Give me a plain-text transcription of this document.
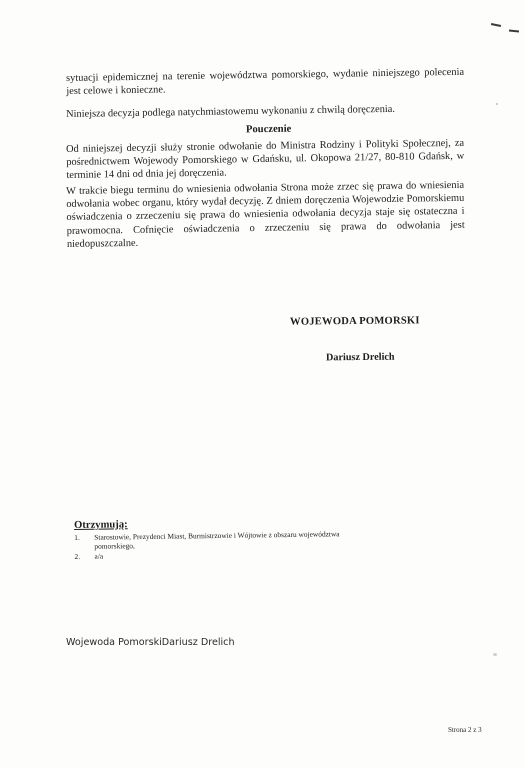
sytuacji epidemicznej na terenie województwa pomorskiego, wydanie niniejszego polecenia jest celowe i konieczne.

Niniejsza decyzja podlega natychmiastowemu wykonaniu z chwilą doręczenia.

Pouczenie

Od niniejszej decyzji służy stronie odwołanie do Ministra Rodziny i Polityki Społecznej, za pośrednictwem Wojewody Pomorskiego w Gdańsku, ul. Okopowa 21/27, 80-810 Gdańsk, w terminie 14 dni od dnia jej doręczenia.

W trakcie biegu terminu do wniesienia odwołania Strona może zrzec się prawa do wniesienia odwołania wobec organu, który wydał decyzję. Z dniem doręczenia Wojewodzie Pomorskiemu oświadczenia o zrzeczeniu się prawa do wniesienia odwołania decyzja staje się ostateczna i prawomocna. Cofnięcie oświadczenia o zrzeczeniu się prawa do odwołania jest niedopuszczalne.

WOJEWODA POMORSKI
Dariusz Drelich
Otrzymują:
1.	Starostowie, Prezydenci Miast, Burmistrzowie i Wójtowie z obszaru województwa pomorskiego,
2.	a/a
Wojewoda PomorskiDariusz Drelich
Strona 2 z 3
